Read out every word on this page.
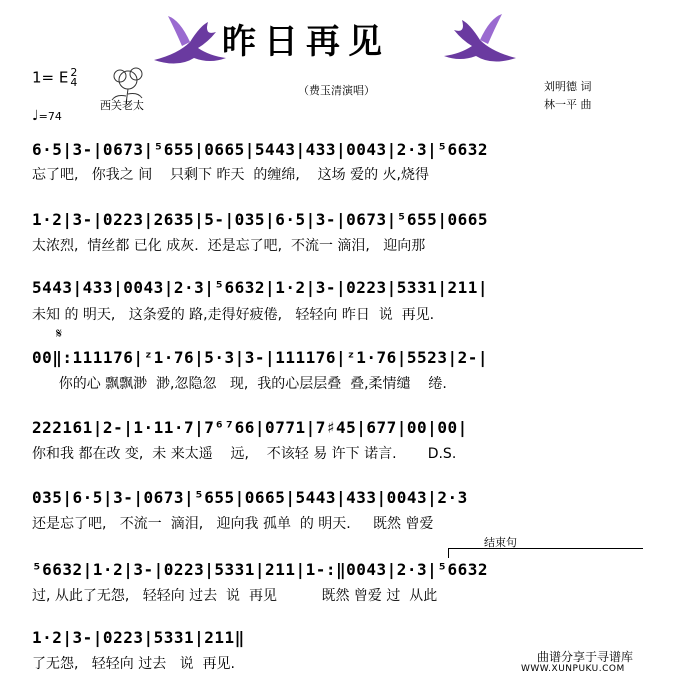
昨日再见
（费玉清演唱）	刘明德 词
林一平 曲
1= E 2
4
西关老太
♩=74
6·5|3-|0673|⁵655|0665|5443|433|0043|2·3|⁵6632
忘了吧,   你我之 间    只剩下 昨天  的缠绵,    这场 爱的 火,烧得
1·2|3-|0223|2635|5-|035|6·5|3-|0673|⁵655|0665
太浓烈,  情丝都 已化 成灰.  还是忘了吧,  不流一 滴泪,   迎向那
5443|433|0043|2·3|⁵6632|1·2|3-|0223|5331|211|
未知 的 明天,   这条爱的 路,走得好疲倦,   轻轻向 昨日  说  再见.
𝄋
00‖:111176|ᶻ1·76|5·3|3-|111176|ᶻ1·76|5523|2-|
你的心 飘飘渺  渺,忽隐忽   现,  我的心层层叠  叠,柔情缱    绻.
222161|2-|1·11·7|7⁶⁷66|0771|7♯45|677|00|00|
你和我 都在改 变,  未 来太遥    远,    不该轻 易 许下 诺言.       D.S.
035|6·5|3-|0673|⁵655|0665|5443|433|0043|2·3
还是忘了吧,   不流一  滴泪,   迎向我 孤单  的 明天.     既然 曾爱
结束句
⁵6632|1·2|3-|0223|5331|211|1-:‖0043|2·3|⁵6632
过, 从此了无怨,   轻轻向 过去  说  再见          既然 曾爱 过  从此
1·2|3-|0223|5331|211‖
了无怨,   轻轻向 过去   说  再见.	曲谱分享于寻谱库
WWW.XUNPUKU.COM
